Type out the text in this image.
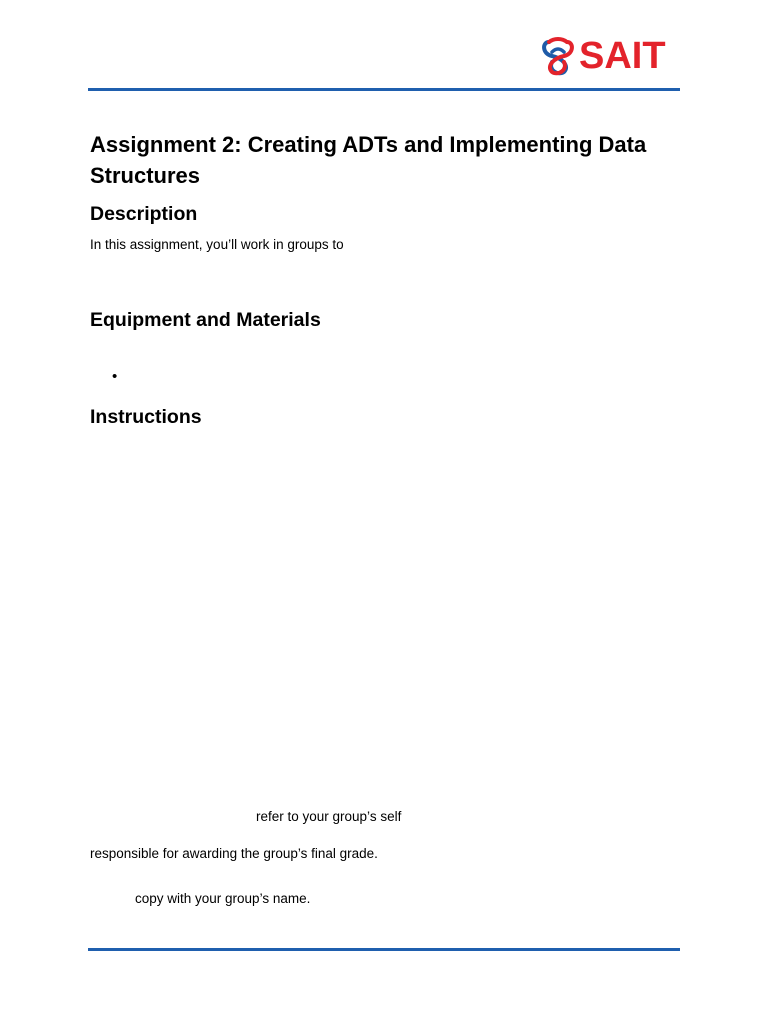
SAIT
Assignment 2: Creating ADTs and Implementing Data Structures
Description

In this assignment, you’ll work in groups to

Equipment and Materials
•
Instructions

refer to your group’s self

responsible for awarding the group’s final grade.

copy with your group’s name.
